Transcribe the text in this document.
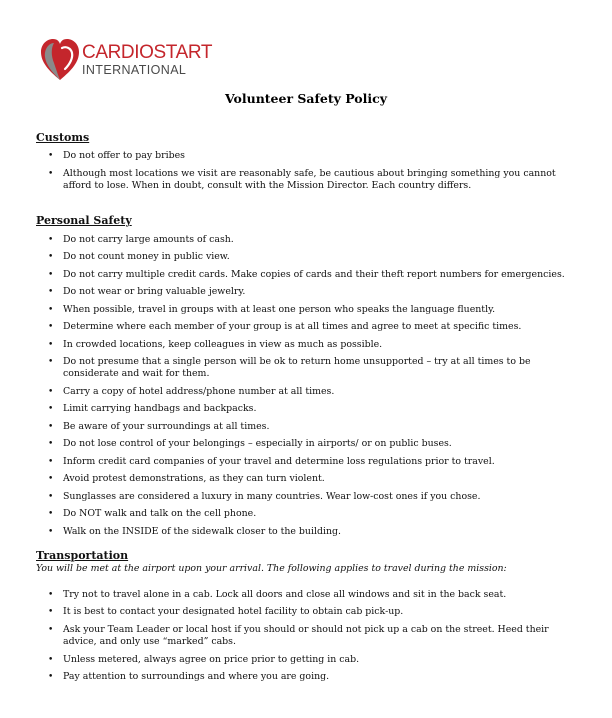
CARDIOSTART
INTERNATIONAL
Volunteer Safety Policy

Customs

• Do not offer to pay bribes
• Although most locations we visit are reasonably safe, be cautious about bringing something you cannot afford to lose. When in doubt, consult with the Mission Director. Each country differs.

Personal Safety

• Do not carry large amounts of cash.
• Do not count money in public view.
• Do not carry multiple credit cards. Make copies of cards and their theft report numbers for emergencies.
• Do not wear or bring valuable jewelry.
• When possible, travel in groups with at least one person who speaks the language fluently.
• Determine where each member of your group is at all times and agree to meet at specific times.
• In crowded locations, keep colleagues in view as much as possible.
• Do not presume that a single person will be ok to return home unsupported – try at all times to be considerate and wait for them.
• Carry a copy of hotel address/phone number at all times.
• Limit carrying handbags and backpacks.
• Be aware of your surroundings at all times.
• Do not lose control of your belongings – especially in airports/ or on public buses.
• Inform credit card companies of your travel and determine loss regulations prior to travel.
• Avoid protest demonstrations, as they can turn violent.
• Sunglasses are considered a luxury in many countries. Wear low-cost ones if you chose.
• Do NOT walk and talk on the cell phone.
• Walk on the INSIDE of the sidewalk closer to the building.

Transportation

You will be met at the airport upon your arrival. The following applies to travel during the mission:

• Try not to travel alone in a cab. Lock all doors and close all windows and sit in the back seat.
• It is best to contact your designated hotel facility to obtain cab pick-up.
• Ask your Team Leader or local host if you should or should not pick up a cab on the street. Heed their advice, and only use “marked” cabs.
• Unless metered, always agree on price prior to getting in cab.
• Pay attention to surroundings and where you are going.
